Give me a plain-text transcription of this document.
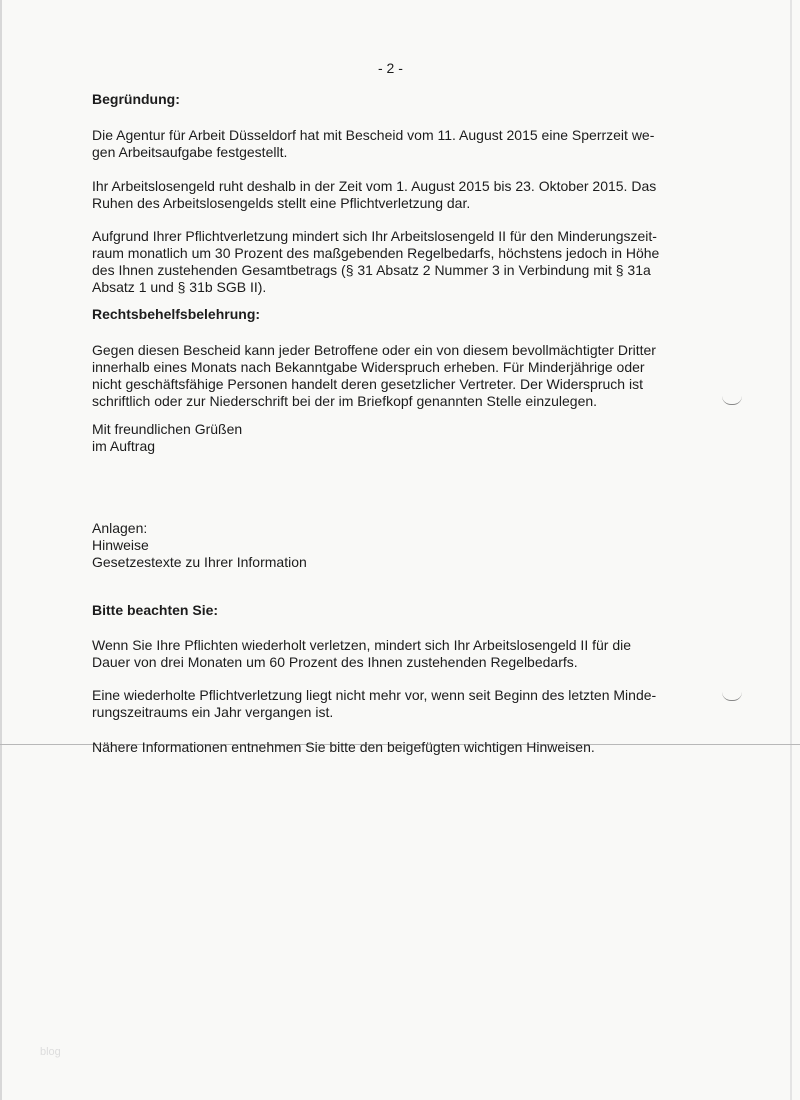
- 2 -
Begründung:

Die Agentur für Arbeit Düsseldorf hat mit Bescheid vom 11. August 2015 eine Sperrzeit we-

gen Arbeitsaufgabe festgestellt.

Ihr Arbeitslosengeld ruht deshalb in der Zeit vom 1. August 2015 bis 23. Oktober 2015. Das

Ruhen des Arbeitslosengelds stellt eine Pflichtverletzung dar.

Aufgrund Ihrer Pflichtverletzung mindert sich Ihr Arbeitslosengeld II für den Minderungszeit-

raum monatlich um 30 Prozent des maßgebenden Regelbedarfs, höchstens jedoch in Höhe

des Ihnen zustehenden Gesamtbetrags (§ 31 Absatz 2 Nummer 3 in Verbindung mit § 31a

Absatz 1 und § 31b SGB II).

Rechtsbehelfsbelehrung:

Gegen diesen Bescheid kann jeder Betroffene oder ein von diesem bevollmächtigter Dritter

innerhalb eines Monats nach Bekanntgabe Widerspruch erheben. Für Minderjährige oder

nicht geschäftsfähige Personen handelt deren gesetzlicher Vertreter. Der Widerspruch ist

schriftlich oder zur Niederschrift bei der im Briefkopf genannten Stelle einzulegen.

Mit freundlichen Grüßen

im Auftrag

Anlagen:

Hinweise

Gesetzestexte zu Ihrer Information

Bitte beachten Sie:

Wenn Sie Ihre Pflichten wiederholt verletzen, mindert sich Ihr Arbeitslosengeld II für die

Dauer von drei Monaten um 60 Prozent des Ihnen zustehenden Regelbedarfs.

Eine wiederholte Pflichtverletzung liegt nicht mehr vor, wenn seit Beginn des letzten Minde-

rungszeitraums ein Jahr vergangen ist.

Nähere Informationen entnehmen Sie bitte den beigefügten wichtigen Hinweisen.

blog
